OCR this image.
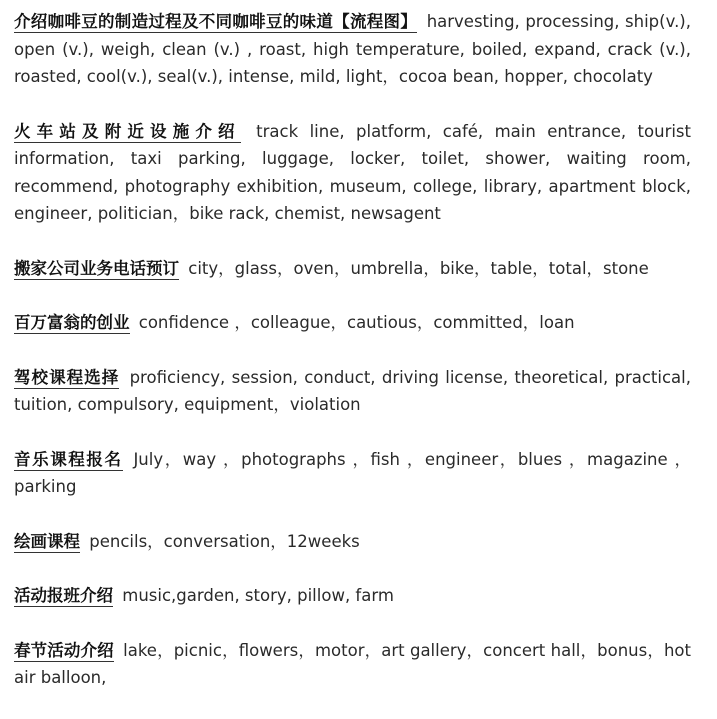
介绍咖啡豆的制造过程及不同咖啡豆的味道【流程图】 harvesting, processing, ship(v.), open (v.), weigh, clean (v.) , roast, high temperature, boiled, expand, crack (v.), roasted, cool(v.), seal(v.), intense, mild, light，cocoa bean, hopper, chocolaty

火车站及附近设施介绍 track line, platform, café, main entrance, tourist information, taxi parking, luggage, locker, toilet, shower, waiting room, recommend, photography exhibition, museum, college, library, apartment block, engineer, politician，bike rack, chemist, newsagent

搬家公司业务电话预订 city，glass，oven，umbrella，bike，table，total，stone

百万富翁的创业 confidence ，colleague，cautious，committed，loan

驾校课程选择 proficiency, session, conduct, driving license, theoretical, practical, tuition, compulsory, equipment，violation

音乐课程报名 July，way ，photographs ，fish ，engineer，blues ，magazine ，parking

绘画课程 pencils，conversation，12weeks

活动报班介绍 music,garden, story, pillow, farm

春节活动介绍 lake，picnic，flowers，motor，art gallery，concert hall，bonus，hot air balloon,
